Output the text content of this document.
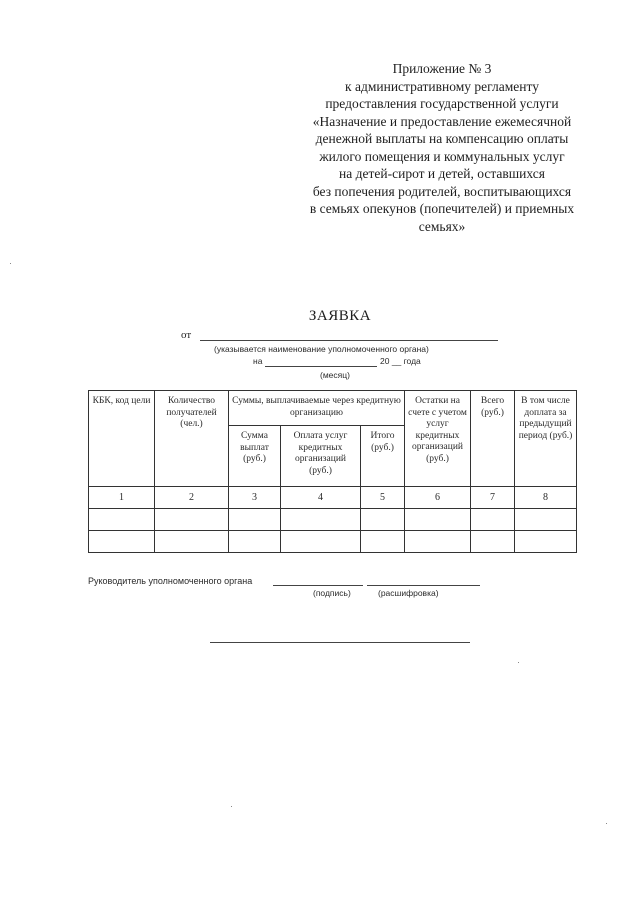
Приложение № 3
к административному регламенту
предоставления государственной услуги
«Назначение и предоставление ежемесячной
денежной выплаты на компенсацию оплаты
жилого помещения и коммунальных услуг
на детей-сирот и детей, оставшихся
без попечения родителей, воспитывающихся
в семьях опекунов (попечителей) и приемных
семьях»
ЗАЯВКА
от
(указывается наименование уполномоченного органа)
на	20 __ года
(месяц)
КБК, код цели	Количество получателей (чел.)	Суммы, выплачиваемые через кредитную организацию			Остатки на счете с учетом услуг кредитных организаций (руб.)	Всего (руб.)	В том числе доплата за предыдущий период (руб.)
		Сумма выплат (руб.)	Оплата услуг кредитных организаций (руб.)	Итого (руб.)			
1	2	3	4	5	6	7	8

Руководитель уполномоченного органа
(подпись)	(расшифровка)
